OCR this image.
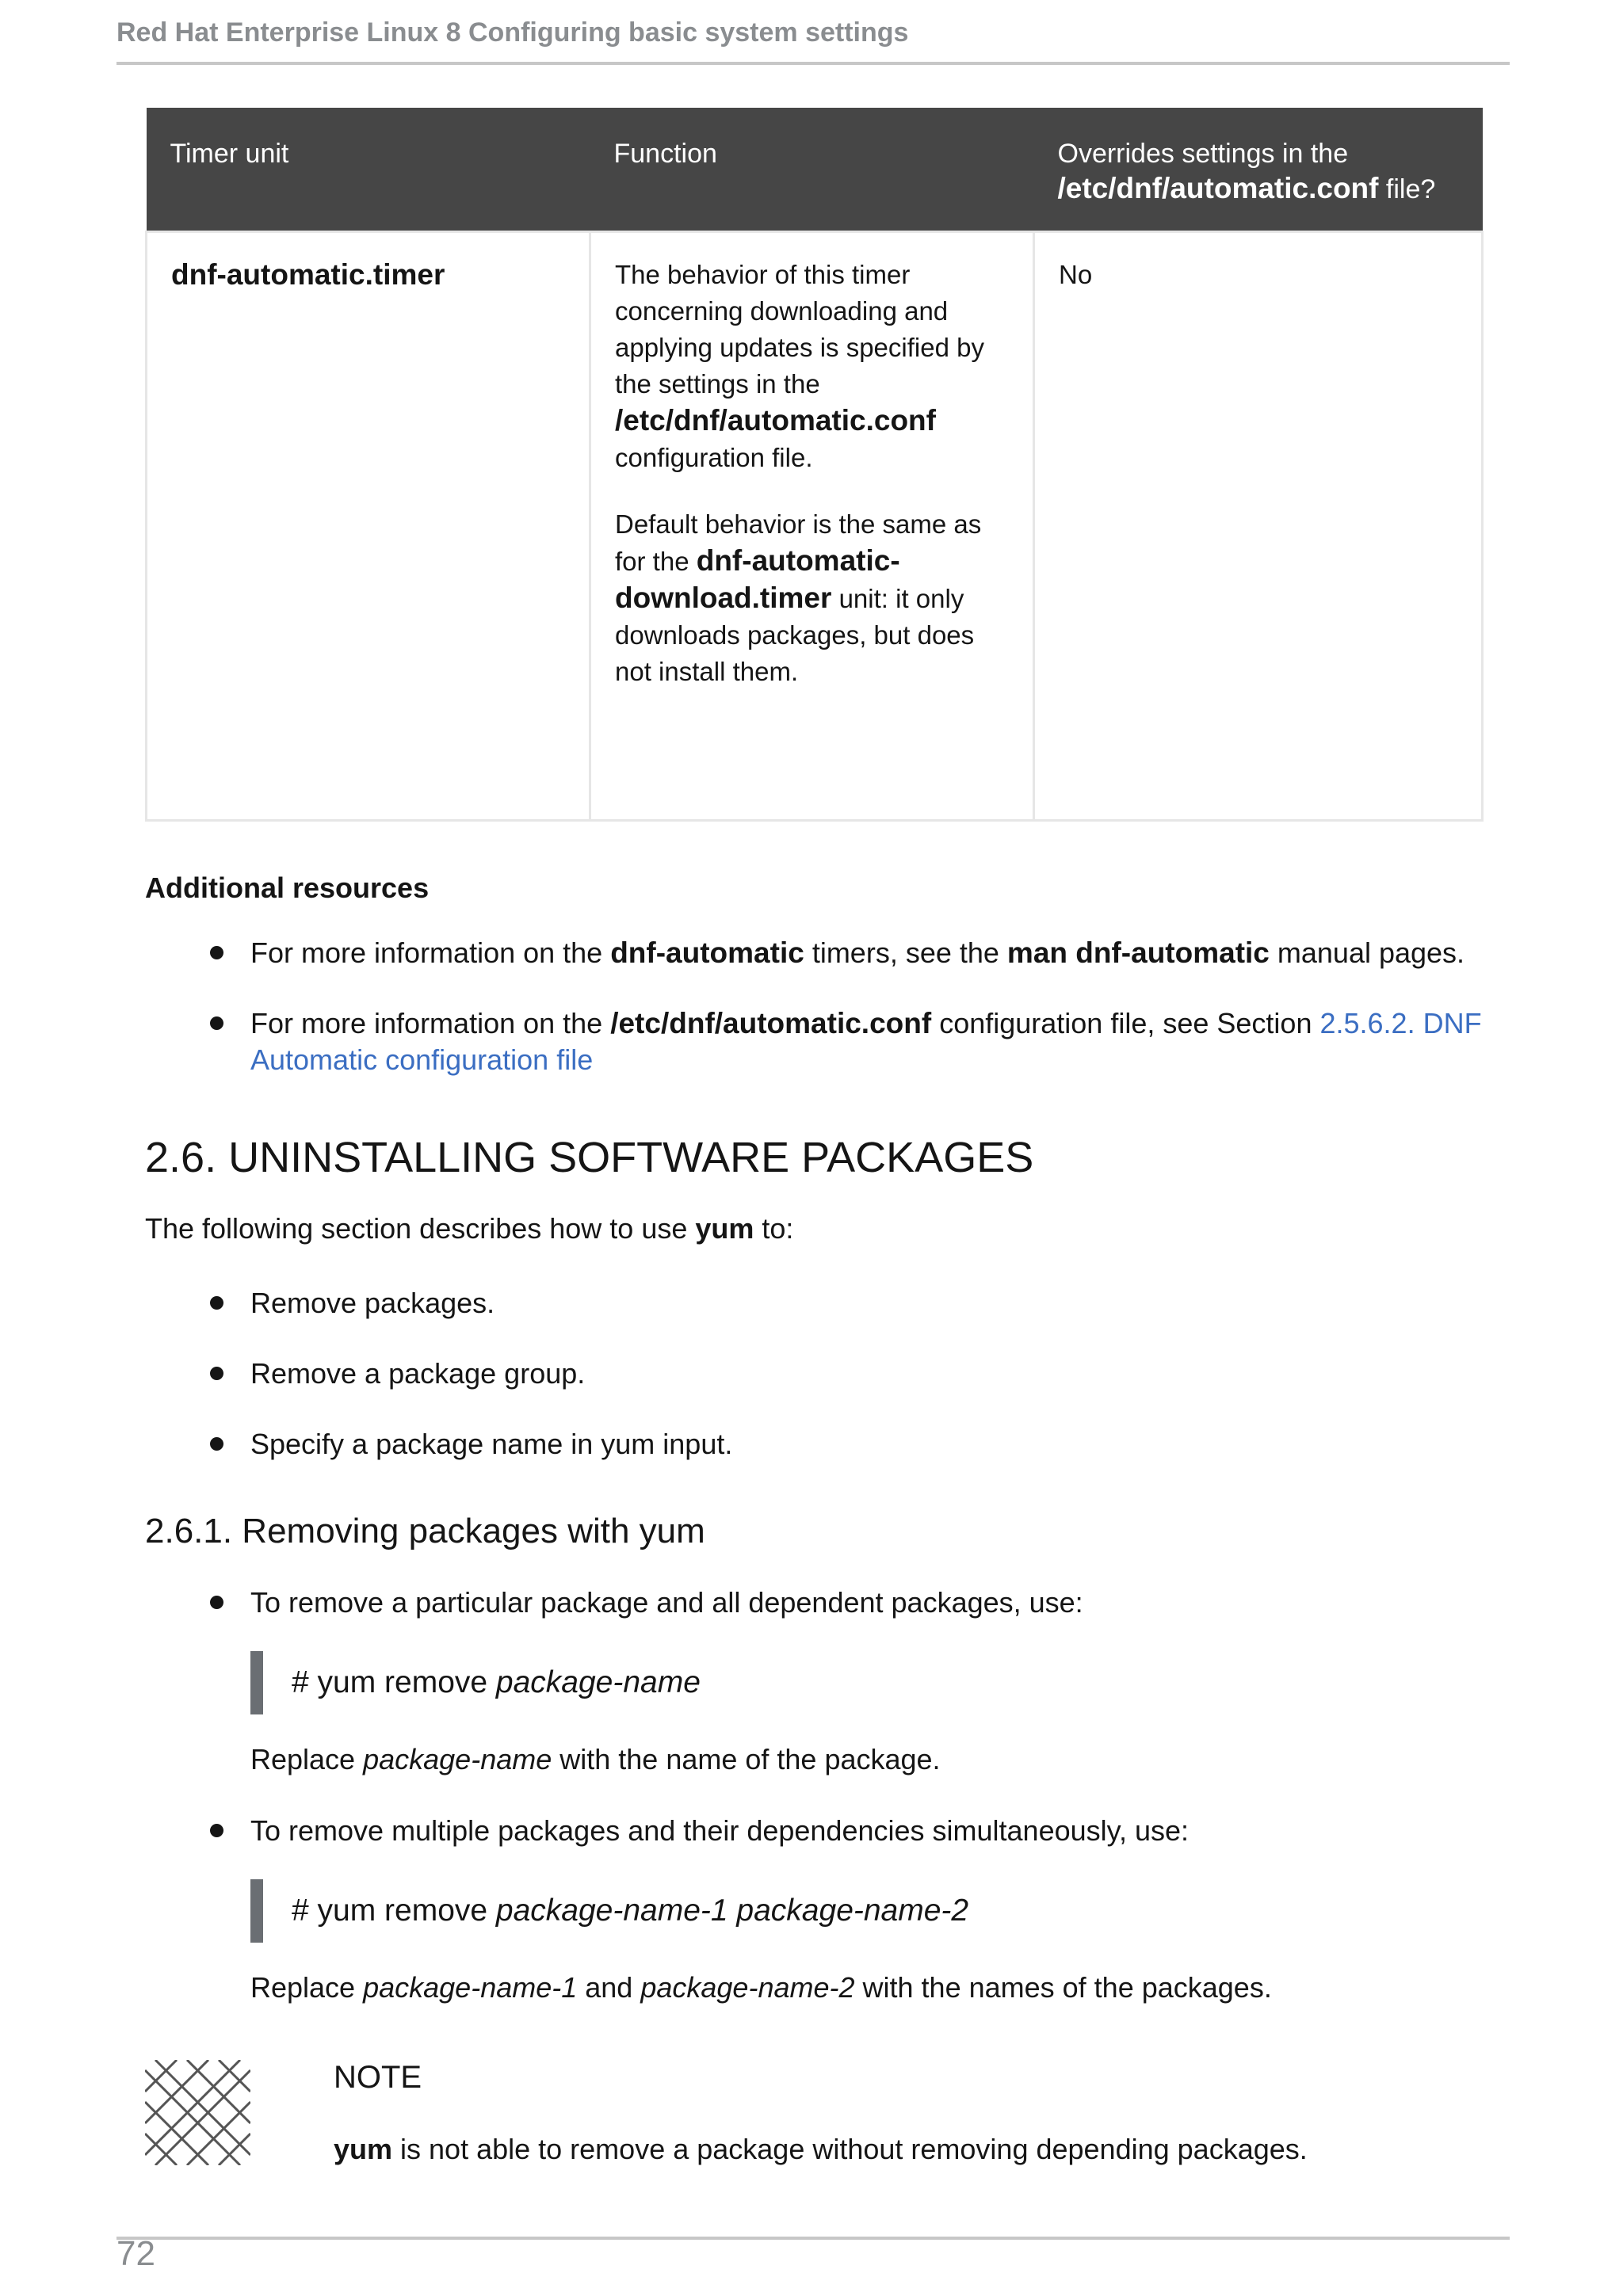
Red Hat Enterprise Linux 8 Configuring basic system settings
Timer unit	Function	Overrides settings in the
/etc/dnf/automatic.conf file?
dnf-automatic.timer	The behavior of this timer concerning downloading and applying updates is specified by the settings in the /etc/dnf/automatic.conf configuration file.

Default behavior is the same as for the dnf-automatic-download.timer unit: it only downloads packages, but does not install them.	No
Additional resources
For more information on the dnf-automatic timers, see the man dnf-automatic manual pages.
For more information on the /etc/dnf/automatic.conf configuration file, see Section 2.5.6.2. DNF Automatic configuration file
2.6. UNINSTALLING SOFTWARE PACKAGES
The following section describes how to use yum to:
Remove packages.
Remove a package group.
Specify a package name in yum input.
2.6.1. Removing packages with yum
To remove a particular package and all dependent packages, use:
# yum remove package-name
Replace package-name with the name of the package.
To remove multiple packages and their dependencies simultaneously, use:
# yum remove package-name-1 package-name-2
Replace package-name-1 and package-name-2 with the names of the packages.
NOTE
yum is not able to remove a package without removing depending packages.
72
